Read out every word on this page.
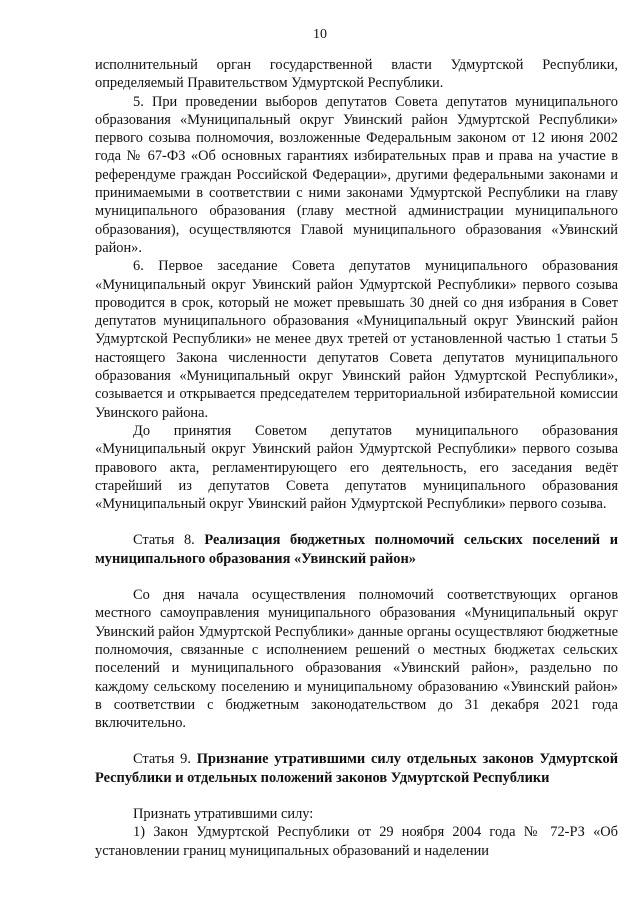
10

исполнительный орган государственной власти Удмуртской Республики, определяемый Правительством Удмуртской Республики.

5. При проведении выборов депутатов Совета депутатов муниципального образования «Муниципальный округ Увинский район Удмуртской Республики» первого созыва полномочия, возложенные Федеральным законом от 12 июня 2002 года № 67-ФЗ «Об основных гарантиях избирательных прав и права на участие в референдуме граждан Российской Федерации», другими федеральными законами и принимаемыми в соответствии с ними законами Удмуртской Республики на главу муниципального образования (главу местной администрации муниципального образования), осуществляются Главой муниципального образования «Увинский район».

6. Первое заседание Совета депутатов муниципального образования «Муниципальный округ Увинский район Удмуртской Республики» первого созыва проводится в срок, который не может превышать 30 дней со дня избрания в Совет депутатов муниципального образования «Муниципальный округ Увинский район Удмуртской Республики» не менее двух третей от установленной частью 1 статьи 5 настоящего Закона численности депутатов Совета депутатов муниципального образования «Муниципальный округ Увинский район Удмуртской Республики», созывается и открывается председателем территориальной избирательной комиссии Увинского района.

До принятия Советом депутатов муниципального образования «Муниципальный округ Увинский район Удмуртской Республики» первого созыва правового акта, регламентирующего его деятельность, его заседания ведёт старейший из депутатов Совета депутатов муниципального образования «Муниципальный округ Увинский район Удмуртской Республики» первого созыва.

Статья 8. Реализация бюджетных полномочий сельских поселений и муниципального образования «Увинский район»

Со дня начала осуществления полномочий соответствующих органов местного самоуправления муниципального образования «Муниципальный округ Увинский район Удмуртской Республики» данные органы осуществляют бюджетные полномочия, связанные с исполнением решений о местных бюджетах сельских поселений и муниципального образования «Увинский район», раздельно по каждому сельскому поселению и муниципальному образованию «Увинский район» в соответствии с бюджетным законодательством до 31 декабря 2021 года включительно.

Статья 9. Признание утратившими силу отдельных законов Удмуртской Республики и отдельных положений законов Удмуртской Республики

Признать утратившими силу:

1) Закон Удмуртской Республики от 29 ноября 2004 года № 72-РЗ «Об установлении границ муниципальных образований и наделении
